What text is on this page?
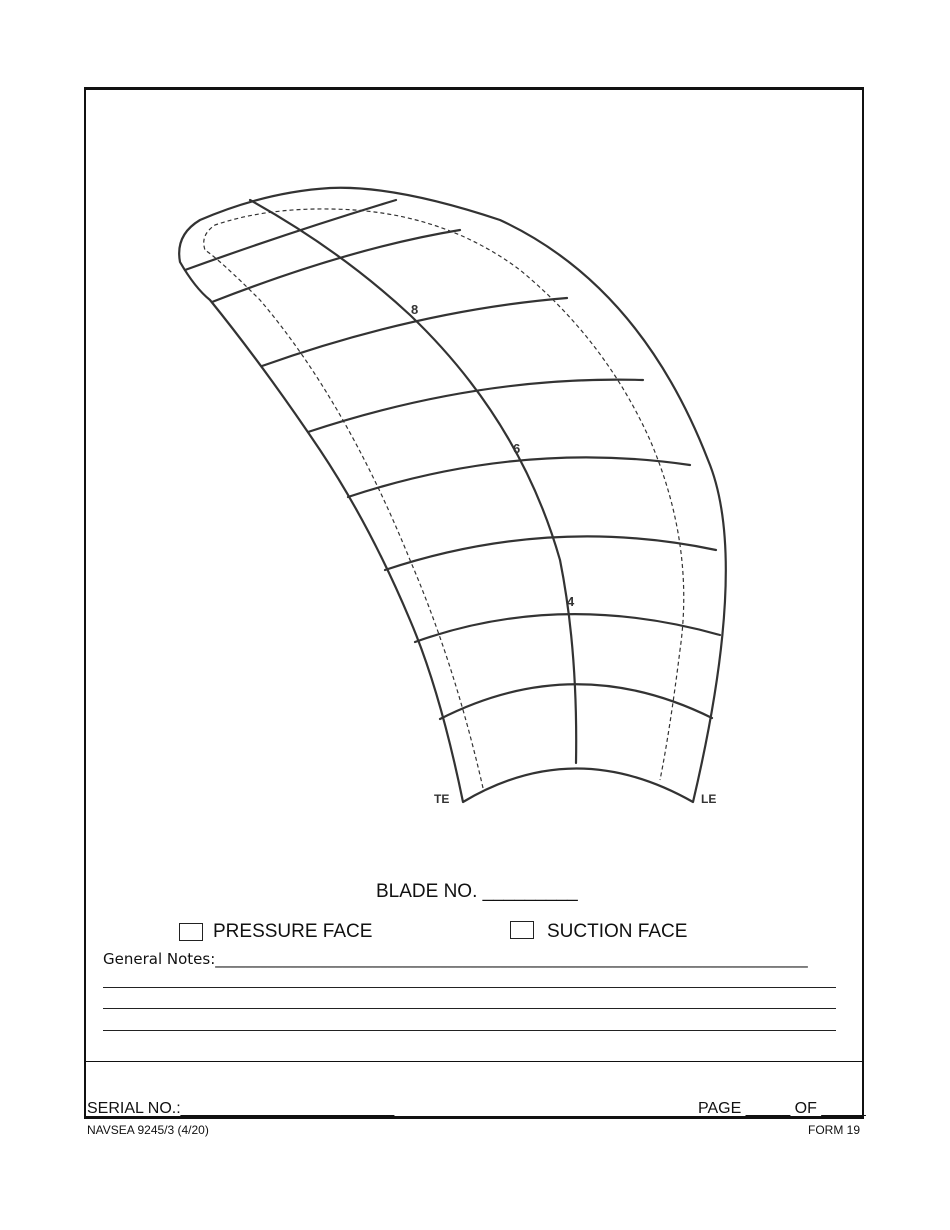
8
6
4
TE	LE
BLADE NO. _________
PRESSURE FACE	SUCTION FACE
General Notes:_______________________________________________________________________________
SERIAL NO.:________________________	PAGE _____ OF _____
NAVSEA 9245/3 (4/20)	FORM 19
